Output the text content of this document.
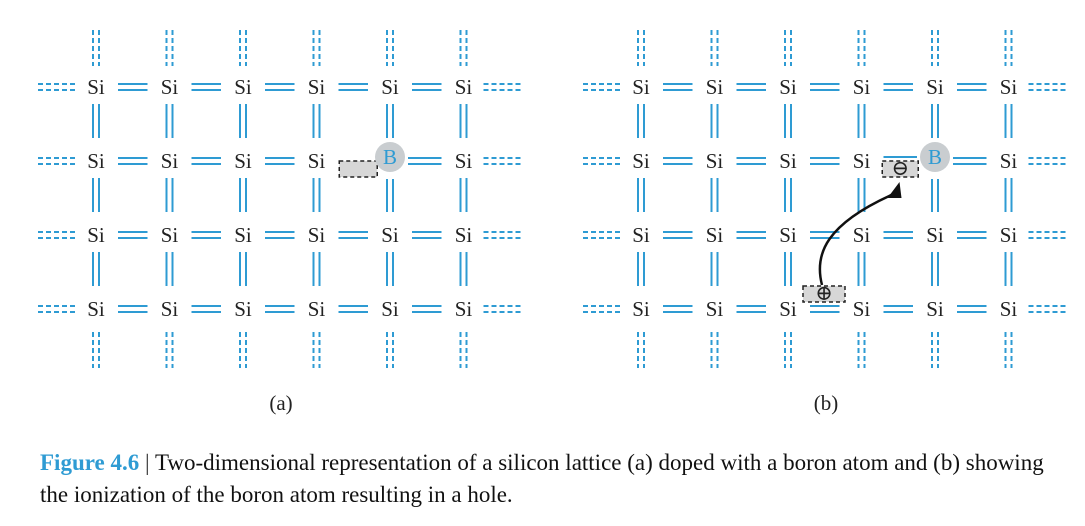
Si	Si	Si	Si	Si	Si
Si	Si	Si	Si	B	Si
Si	Si	Si	Si	Si	Si
Si	Si	Si	Si	Si	Si
⊖
⊕
Si	Si	Si	Si	Si	Si
Si	Si	Si	Si	B	Si
Si	Si	Si	Si	Si	Si
Si	Si	Si	Si	Si	Si
(a)	(b)
Figure 4.6 | Two-dimensional representation of a silicon lattice (a) doped with a boron atom and (b) showing the ionization of the boron atom resulting in a hole.
